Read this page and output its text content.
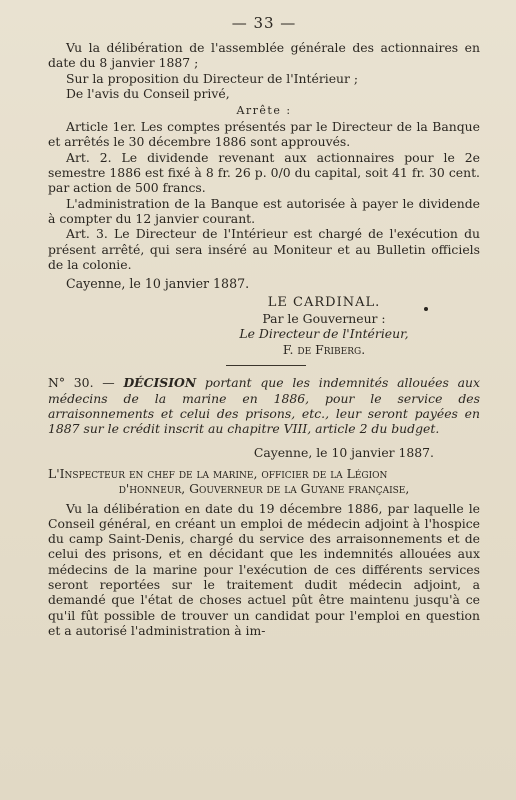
— 33 —

Vu la délibération de l'assemblée générale des actionnaires en date du 8 janvier 1887 ;

Sur la proposition du Directeur de l'Intérieur ;

De l'avis du Conseil privé,

Arrête :

Article 1er. Les comptes présentés par le Directeur de la Banque et arrêtés le 30 décembre 1886 sont approuvés.

Art. 2. Le dividende revenant aux actionnaires pour le 2e semestre 1886 est fixé à 8 fr. 26 p. 0/0 du capital, soit 41 fr. 30 cent. par action de 500 francs.

L'administration de la Banque est autorisée à payer le dividende à compter du 12 janvier courant.

Art. 3. Le Directeur de l'Intérieur est chargé de l'exécution du présent arrêté, qui sera inséré au Moniteur et au Bulletin officiels de la colonie.

Cayenne, le 10 janvier 1887.

LE CARDINAL.
Par le Gouverneur :
Le Directeur de l'Intérieur,
F. de Friberg.

N° 30. — DÉCISION portant que les indemnités allouées aux médecins de la marine en 1886, pour le service des arraisonnements et celui des prisons, etc., leur seront payées en 1887 sur le crédit inscrit au chapitre VIII, article 2 du budget.

Cayenne, le 10 janvier 1887.

L'Inspecteur en chef de la marine, officier de la Légion

d'honneur, Gouverneur de la Guyane française,

Vu la délibération en date du 19 décembre 1886, par laquelle le Conseil général, en créant un emploi de médecin adjoint à l'hospice du camp Saint-Denis, chargé du service des arraisonnements et de celui des prisons, et en décidant que les indemnités allouées aux médecins de la marine pour l'exécution de ces différents services seront reportées sur le traitement dudit médecin adjoint, a demandé que l'état de choses actuel pût être maintenu jusqu'à ce qu'il fût possible de trouver un candidat pour l'emploi en question et a autorisé l'administration à im-
